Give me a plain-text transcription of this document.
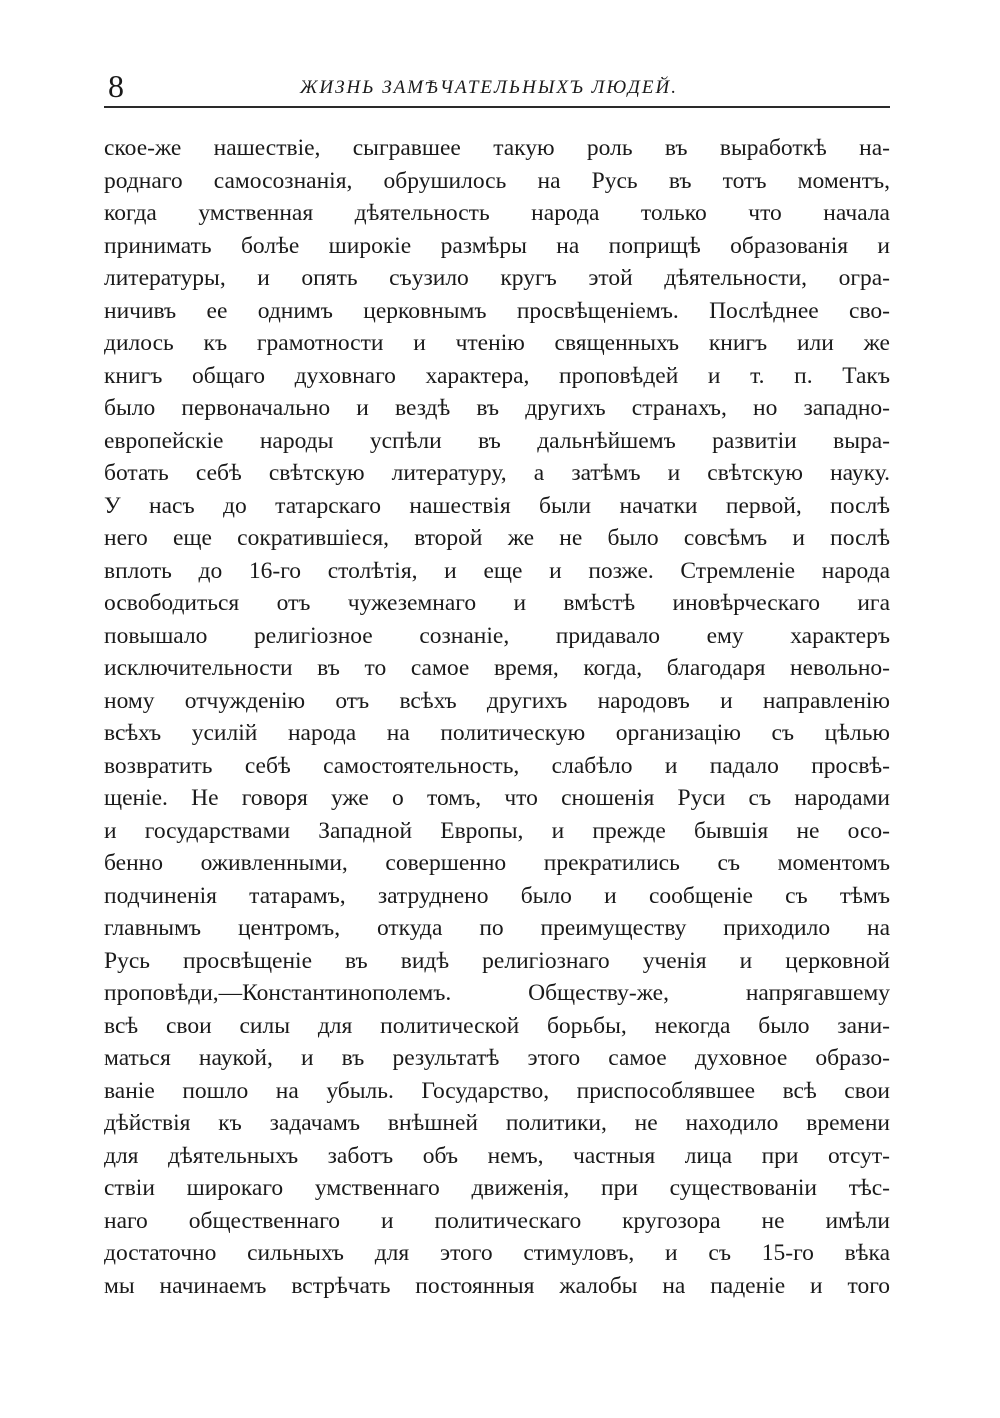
8	ЖИЗНЬ ЗАМѢЧАТЕЛЬНЫХЪ ЛЮДЕЙ.
ское-же нашествіе, сыгравшее такую роль въ выработкѣ на-
роднаго самосознанія, обрушилось на Русь въ тотъ моментъ,
когда умственная дѣятельность народа только что начала
принимать болѣе широкіе размѣры на поприщѣ образованія и
литературы, и опять съузило кругъ этой дѣятельности, огра-
ничивъ ее однимъ церковнымъ просвѣщеніемъ. Послѣднее сво-
дилось къ грамотности и чтенію священныхъ книгъ или же
книгъ общаго духовнаго характера, проповѣдей и т. п. Такъ
было первоначально и вездѣ въ другихъ странахъ, но западно-
европейскіе народы успѣли въ дальнѣйшемъ развитіи выра-
ботать себѣ свѣтскую литературу, а затѣмъ и свѣтскую науку.
У насъ до татарскаго нашествія были начатки первой, послѣ
него еще сократившіеся, второй же не было совсѣмъ и послѣ
вплоть до 16-го столѣтія, и еще и позже. Стремленіе народа
освободиться отъ чужеземнаго и вмѣстѣ иновѣрческаго ига
повышало религіозное сознаніе, придавало ему характеръ
исключительности въ то самое время, когда, благодаря невольно-
ному отчужденію отъ всѣхъ другихъ народовъ и направленію
всѣхъ усилій народа на политическую организацію съ цѣлью
возвратить себѣ самостоятельность, слабѣло и падало просвѣ-
щеніе. Не говоря уже о томъ, что сношенія Руси съ народами
и государствами Западной Европы, и прежде бывшія не осо-
бенно оживленными, совершенно прекратились съ моментомъ
подчиненія татарамъ, затруднено было и сообщеніе съ тѣмъ
главнымъ центромъ, откуда по преимуществу приходило на
Русь просвѣщеніе въ видѣ религіознаго ученія и церковной
проповѣди,—Константинополемъ. Обществу-же, напрягавшему
всѣ свои силы для политической борьбы, некогда было зани-
маться наукой, и въ результатѣ этого самое духовное образо-
ваніе пошло на убыль. Государство, приспособлявшее всѣ свои
дѣйствія къ задачамъ внѣшней политики, не находило времени
для дѣятельныхъ заботъ объ немъ, частныя лица при отсут-
ствіи широкаго умственнаго движенія, при существованіи тѣс-
наго общественнаго и политическаго кругозора не имѣли
достаточно сильныхъ для этого стимуловъ, и съ 15-го вѣка
мы начинаемъ встрѣчать постоянныя жалобы на паденіе и того
